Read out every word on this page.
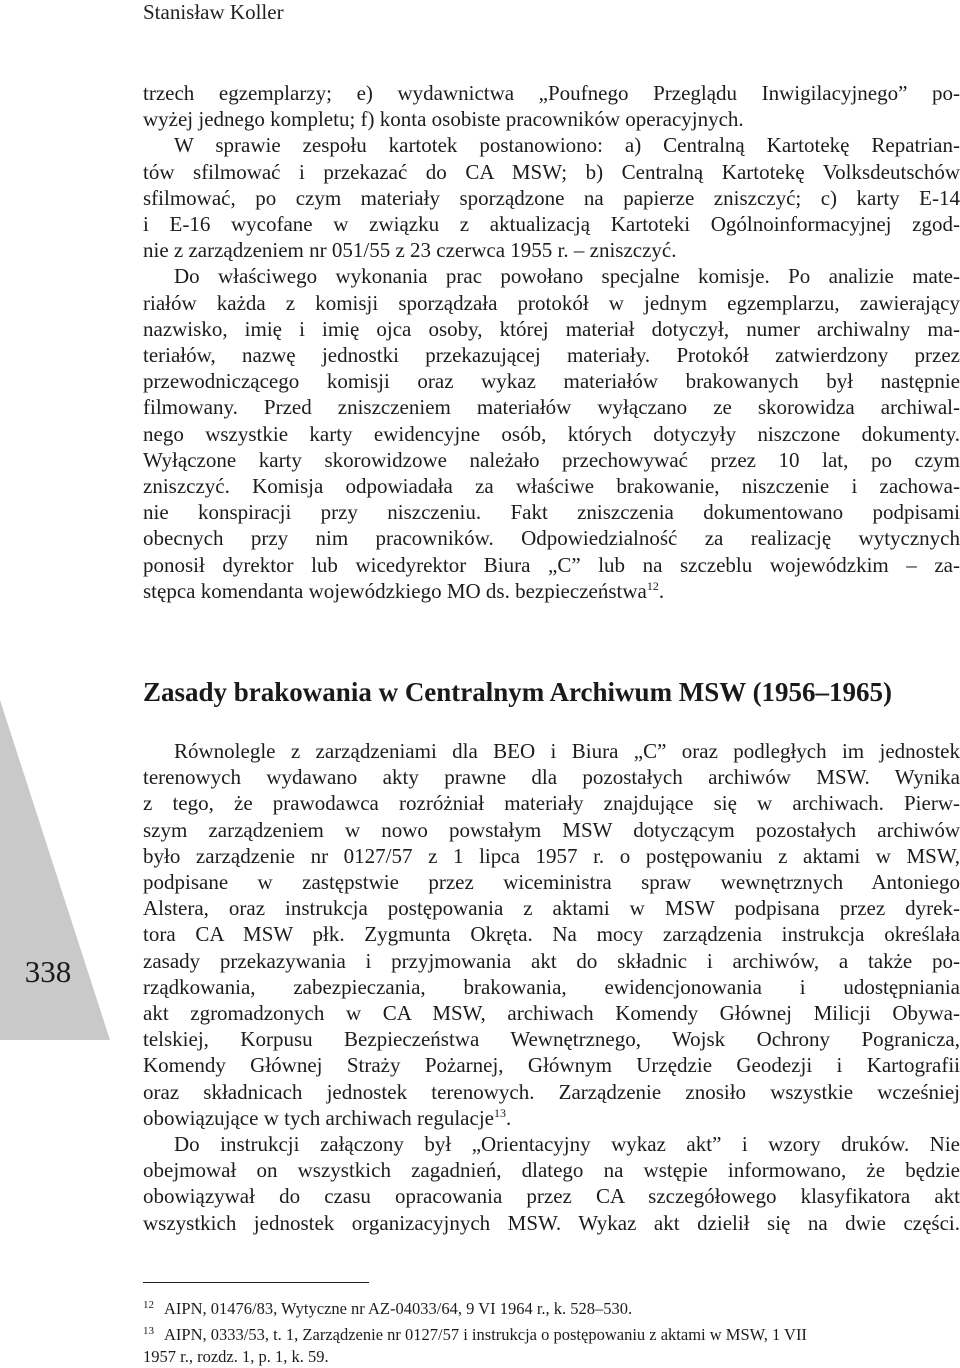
Stanisław Koller
trzech egzemplarzy; e) wydawnictwa „Poufnego Przeglądu Inwigilacyjnego” po-
wyżej jednego kompletu; f) konta osobiste pracowników operacyjnych.
W sprawie zespołu kartotek postanowiono: a) Centralną Kartotekę Repatrian-
tów sfilmować i przekazać do CA MSW; b) Centralną Kartotekę Volksdeutschów
sfilmować, po czym materiały sporządzone na papierze zniszczyć; c) karty E-14
i E-16 wycofane w związku z aktualizacją Kartoteki Ogólnoinformacyjnej zgod-
nie z zarządzeniem nr 051/55 z 23 czerwca 1955 r. – zniszczyć.
Do właściwego wykonania prac powołano specjalne komisje. Po analizie mate-
riałów każda z komisji sporządzała protokół w jednym egzemplarzu, zawierający
nazwisko, imię i imię ojca osoby, której materiał dotyczył, numer archiwalny ma-
teriałów, nazwę jednostki przekazującej materiały. Protokół zatwierdzony przez
przewodniczącego komisji oraz wykaz materiałów brakowanych był następnie
filmowany. Przed zniszczeniem materiałów wyłączano ze skorowidza archiwal-
nego wszystkie karty ewidencyjne osób, których dotyczyły niszczone dokumenty.
Wyłączone karty skorowidzowe należało przechowywać przez 10 lat, po czym
zniszczyć. Komisja odpowiadała za właściwe brakowanie, niszczenie i zachowa-
nie konspiracji przy niszczeniu. Fakt zniszczenia dokumentowano podpisami
obecnych przy nim pracowników. Odpowiedzialność za realizację wytycznych
ponosił dyrektor lub wicedyrektor Biura „C” lub na szczeblu wojewódzkim – za-
stępca komendanta wojewódzkiego MO ds. bezpieczeństwa$^{12}$.
Zasady brakowania w Centralnym Archiwum MSW (1956–1965)
Równolegle z zarządzeniami dla BEO i Biura „C” oraz podległych im jednostek
terenowych wydawano akty prawne dla pozostałych archiwów MSW. Wynika
z tego, że prawodawca rozróżniał materiały znajdujące się w archiwach. Pierw-
szym zarządzeniem w nowo powstałym MSW dotyczącym pozostałych archiwów
było zarządzenie nr 0127/57 z 1 lipca 1957 r. o postępowaniu z aktami w MSW,
podpisane w zastępstwie przez wiceministra spraw wewnętrznych Antoniego
Alstera, oraz instrukcja postępowania z aktami w MSW podpisana przez dyrek-
tora CA MSW płk. Zygmunta Okręta. Na mocy zarządzenia instrukcja określała
zasady przekazywania i przyjmowania akt do składnic i archiwów, a także po-
rządkowania, zabezpieczania, brakowania, ewidencjonowania i udostępniania
akt zgromadzonych w CA MSW, archiwach Komendy Głównej Milicji Obywa-
telskiej, Korpusu Bezpieczeństwa Wewnętrznego, Wojsk Ochrony Pogranicza,
Komendy Głównej Straży Pożarnej, Głównym Urzędzie Geodezji i Kartografii
oraz składnicach jednostek terenowych. Zarządzenie znosiło wszystkie wcześniej
obowiązujące w tych archiwach regulacje$^{13}$.
Do instrukcji załączony był „Orientacyjny wykaz akt” i wzory druków. Nie
obejmował on wszystkich zagadnień, dlatego na wstępie informowano, że będzie
obowiązywał do czasu opracowania przez CA szczegółowego klasyfikatora akt
wszystkich jednostek organizacyjnych MSW. Wykaz akt dzielił się na dwie części.
$^{12}$ AIPN, 01476/83, Wytyczne nr AZ-04033/64, 9 VI 1964 r., k. 528–530.
$^{13}$ AIPN, 0333/53, t. 1, Zarządzenie nr 0127/57 i instrukcja o postępowaniu z aktami w MSW, 1 VII
1957 r., rozdz. 1, p. 1, k. 59.
338
